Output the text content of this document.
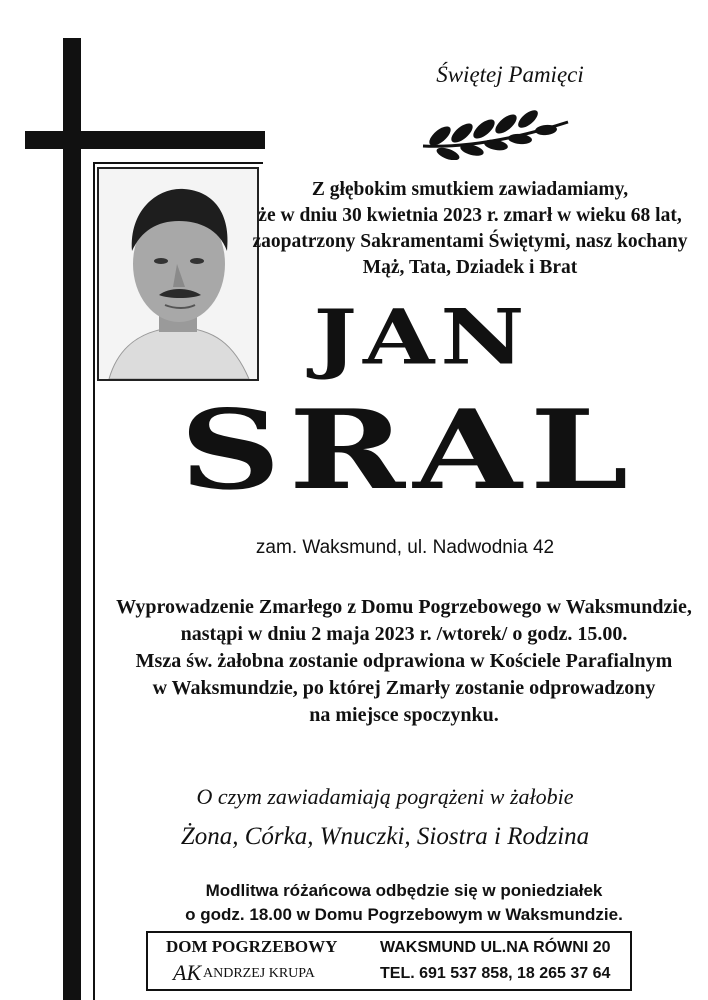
Świętej Pamięci
Z głębokim smutkiem zawiadamiamy,
że w dniu 30 kwietnia 2023 r. zmarł w wieku 68 lat,
zaopatrzony Sakramentami Świętymi, nasz kochany
Mąż, Tata, Dziadek i Brat
JAN
SRAL
zam. Waksmund, ul. Nadwodnia 42
Wyprowadzenie Zmarłego z Domu Pogrzebowego w Waksmundzie,
nastąpi w dniu 2 maja 2023 r. /wtorek/ o godz. 15.00.
Msza św. żałobna zostanie odprawiona w Kościele Parafialnym
w Waksmundzie, po której Zmarły zostanie odprowadzony
na miejsce spoczynku.
O czym zawiadamiają pogrążeni w żałobie
Żona, Córka, Wnuczki, Siostra i Rodzina
Modlitwa różańcowa odbędzie się w poniedziałek
o godz. 18.00 w Domu Pogrzebowym w Waksmundzie.
DOM POGRZEBOWY
AK ANDRZEJ KRUPA
WAKSMUND UL.NA RÓWNI 20
TEL. 691 537 858, 18 265 37 64
